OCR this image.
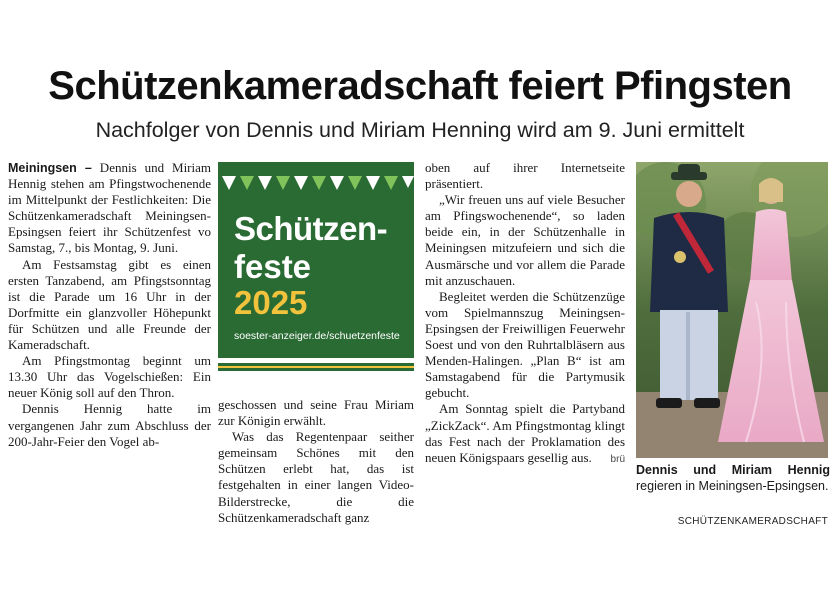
Schützenkameradschaft feiert Pfingsten
Nachfolger von Dennis und Miriam Henning wird am 9. Juni ermittelt

Meiningsen – Dennis und Miriam Hennig stehen am Pfingstwochenende im Mittelpunkt der Festlichkeiten: Die Schützenkameradschaft Meiningsen-Epsingsen feiert ihr Schützenfest vo Samstag, 7., bis Montag, 9. Juni.

Am Festsamstag gibt es einen ersten Tanzabend, am Pfingstsonntag ist die Parade um 16 Uhr in der Dorfmitte ein glanzvoller Höhepunkt für Schützen und alle Freunde der Kameradschaft.

Am Pfingstmontag beginnt um 13.30 Uhr das Vogelschießen: Ein neuer König soll auf den Thron.

Dennis Hennig hatte im vergangenen Jahr zum Abschluss der 200-Jahr-Feier den Vogel ab-

Schützen-
feste
2025
soester-anzeiger.de/schuetzenfeste

geschossen und seine Frau Miriam zur Königin erwählt.

Was das Regentenpaar seither gemeinsam Schönes mit den Schützen erlebt hat, das ist festgehalten in einer langen Video-Bilderstrecke, die die Schützenkameradschaft ganz

oben auf ihrer Internetseite präsentiert.

„Wir freuen uns auf viele Besucher am Pfingswochenende“, so laden beide ein, in der Schützenhalle in Meiningsen mitzufeiern und sich die Ausmärsche und vor allem die Parade mit anzuschauen.

Begleitet werden die Schützenzüge vom Spielmannszug Meiningsen-Epsingsen der Freiwilligen Feuerwehr Soest und von den Ruhrtalbläsern aus Menden-Halingen. „Plan B“ ist am Samstagabend für die Partymusik gebucht.

Am Sonntag spielt die Partyband „ZickZack“. Am Pfingstmontag klingt das Fest nach der Proklamation des neuen Königspaars gesellig aus.	brü

Dennis und Miriam Hennig regieren in Meiningsen-Epsingsen.
SCHÜTZENKAMERADSCHAFT
